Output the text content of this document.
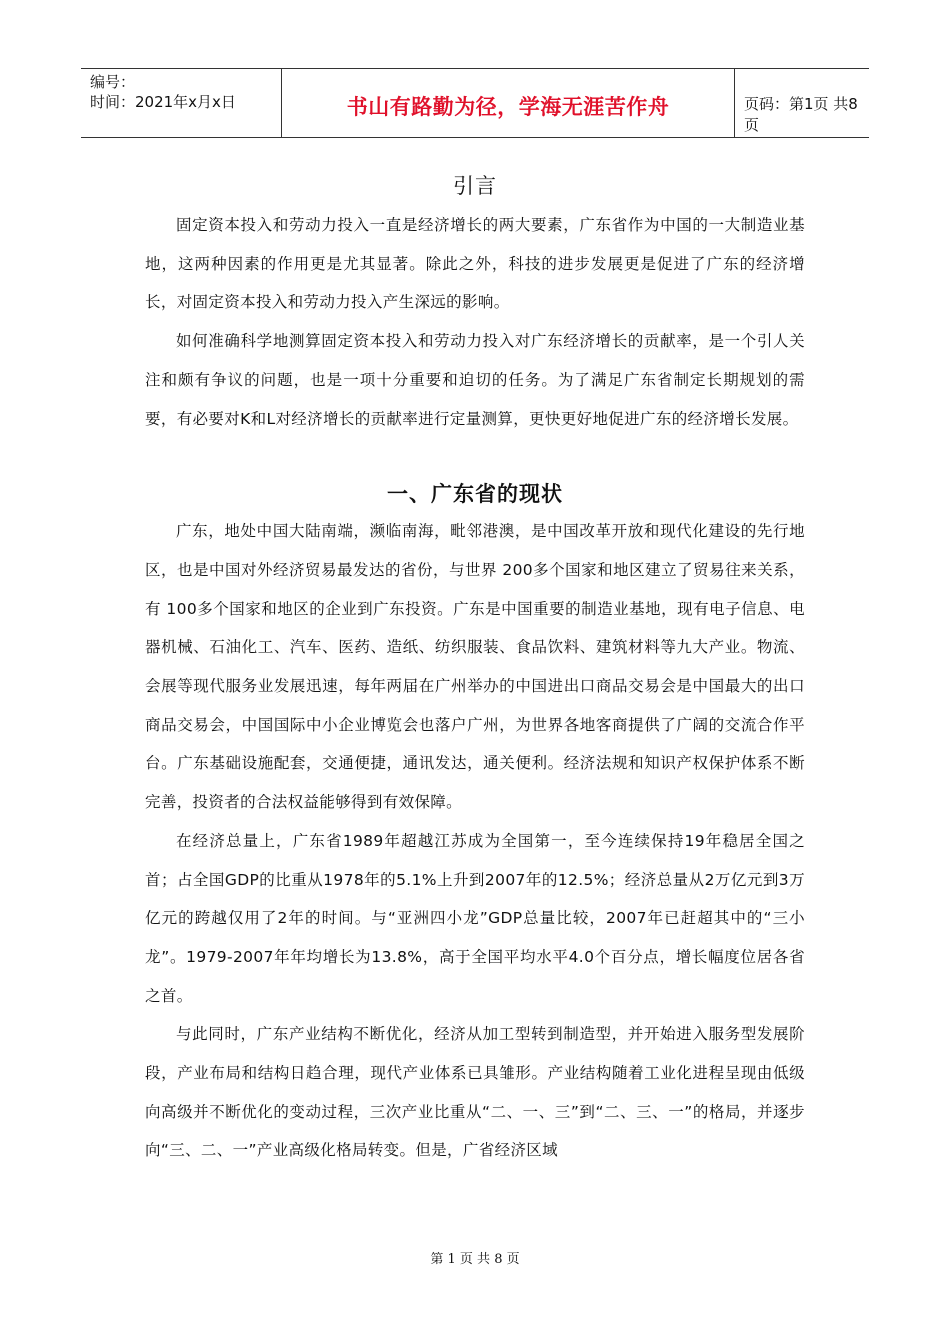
编号：
时间：2021年x月x日	书山有路勤为径，学海无涯苦作舟	页码：第1页 共8页
引言

固定资本投入和劳动力投入一直是经济增长的两大要素，广东省作为中国的一大制造业基地，这两种因素的作用更是尤其显著。除此之外，科技的进步发展更是促进了广东的经济增长，对固定资本投入和劳动力投入产生深远的影响。

如何准确科学地测算固定资本投入和劳动力投入对广东经济增长的贡献率，是一个引人关注和颇有争议的问题，也是一项十分重要和迫切的任务。为了满足广东省制定长期规划的需要，有必要对K和L对经济增长的贡献率进行定量测算，更快更好地促进广东的经济增长发展。

一、广东省的现状

广东，地处中国大陆南端，濒临南海，毗邻港澳，是中国改革开放和现代化建设的先行地区，也是中国对外经济贸易最发达的省份，与世界 200多个国家和地区建立了贸易往来关系，有 100多个国家和地区的企业到广东投资。广东是中国重要的制造业基地，现有电子信息、电器机械、石油化工、汽车、医药、造纸、纺织服装、食品饮料、建筑材料等九大产业。物流、会展等现代服务业发展迅速，每年两届在广州举办的中国进出口商品交易会是中国最大的出口商品交易会，中国国际中小企业博览会也落户广州，为世界各地客商提供了广阔的交流合作平台。广东基础设施配套，交通便捷，通讯发达，通关便利。经济法规和知识产权保护体系不断完善，投资者的合法权益能够得到有效保障。

在经济总量上，广东省1989年超越江苏成为全国第一，至今连续保持19年稳居全国之首；占全国GDP的比重从1978年的5.1%上升到2007年的12.5%；经济总量从2万亿元到3万亿元的跨越仅用了2年的时间。与“亚洲四小龙”GDP总量比较，2007年已赶超其中的“三小龙”。1979-2007年年均增长为13.8%，高于全国平均水平4.0个百分点，增长幅度位居各省之首。

与此同时，广东产业结构不断优化，经济从加工型转到制造型，并开始进入服务型发展阶段，产业布局和结构日趋合理，现代产业体系已具雏形。产业结构随着工业化进程呈现由低级向高级并不断优化的变动过程，三次产业比重从“二、一、三”到“二、三、一”的格局，并逐步向“三、二、一”产业高级化格局转变。但是，广省经济区域

第 1 页 共 8 页
